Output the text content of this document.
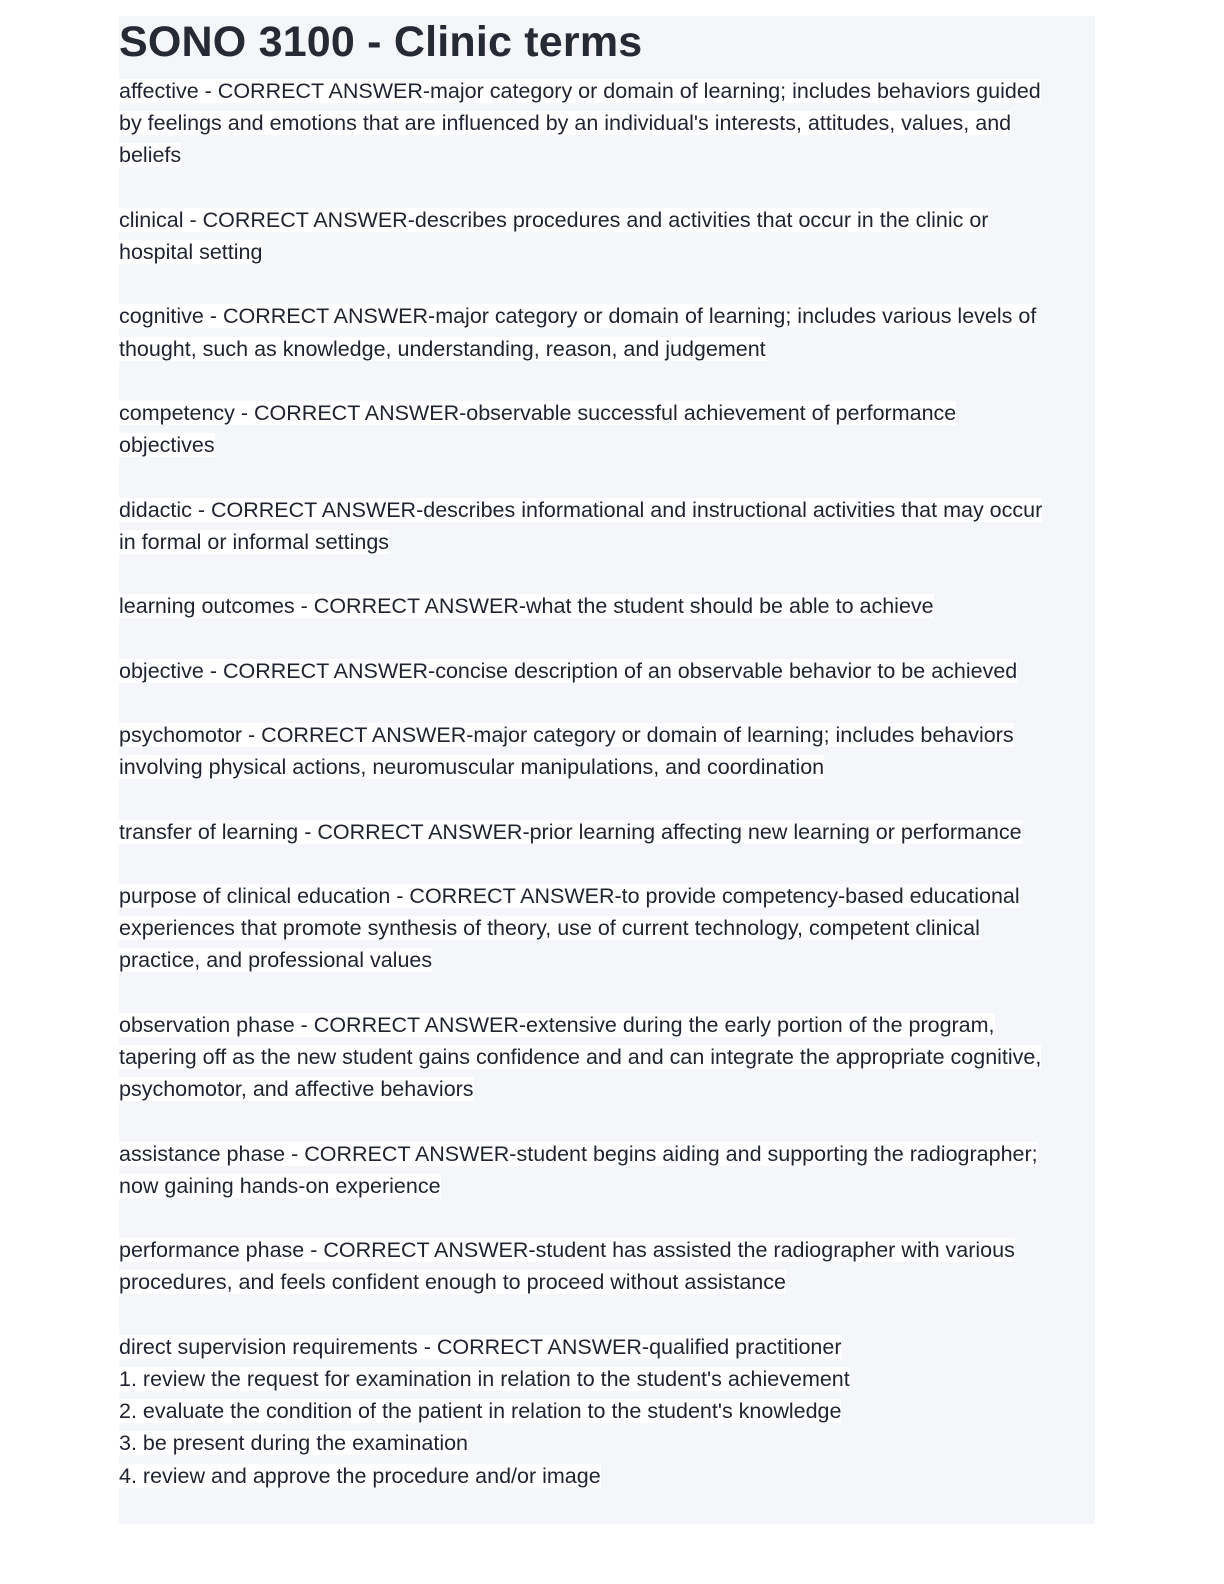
SONO 3100 - Clinic terms
affective - CORRECT ANSWER-major category or domain of learning; includes behaviors guided
by feelings and emotions that are influenced by an individual's interests, attitudes, values, and
beliefs
clinical - CORRECT ANSWER-describes procedures and activities that occur in the clinic or
hospital setting
cognitive - CORRECT ANSWER-major category or domain of learning; includes various levels of
thought, such as knowledge, understanding, reason, and judgement
competency - CORRECT ANSWER-observable successful achievement of performance
objectives
didactic - CORRECT ANSWER-describes informational and instructional activities that may occur
in formal or informal settings
learning outcomes - CORRECT ANSWER-what the student should be able to achieve
objective - CORRECT ANSWER-concise description of an observable behavior to be achieved
psychomotor - CORRECT ANSWER-major category or domain of learning; includes behaviors
involving physical actions, neuromuscular manipulations, and coordination
transfer of learning - CORRECT ANSWER-prior learning affecting new learning or performance
purpose of clinical education - CORRECT ANSWER-to provide competency-based educational
experiences that promote synthesis of theory, use of current technology, competent clinical
practice, and professional values
observation phase - CORRECT ANSWER-extensive during the early portion of the program,
tapering off as the new student gains confidence and and can integrate the appropriate cognitive,
psychomotor, and affective behaviors
assistance phase - CORRECT ANSWER-student begins aiding and supporting the radiographer;
now gaining hands-on experience
performance phase - CORRECT ANSWER-student has assisted the radiographer with various
procedures, and feels confident enough to proceed without assistance
direct supervision requirements - CORRECT ANSWER-qualified practitioner
1. review the request for examination in relation to the student's achievement
2. evaluate the condition of the patient in relation to the student's knowledge
3. be present during the examination
4. review and approve the procedure and/or image
